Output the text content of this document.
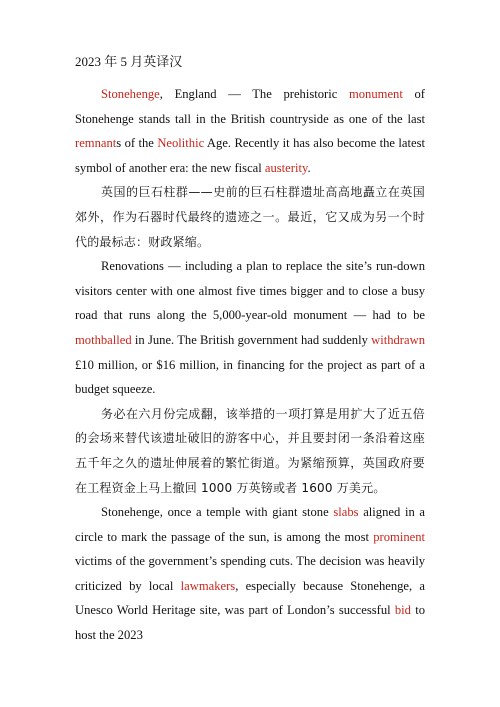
2023 年 5 月英译汉

Stonehenge, England — The prehistoric monument of Stonehenge stands tall in the British countryside as one of the last remnants of the Neolithic Age. Recently it has also become the latest symbol of another era: the new fiscal austerity.

英国的巨石柱群——史前的巨石柱群遗址高高地矗立在英国郊外，作为石器时代最终的遗迹之一。最近，它又成为另一个时代的最标志：财政紧缩。

Renovations — including a plan to replace the site’s run-down visitors center with one almost five times bigger and to close a busy road that runs along the 5,000-year-old monument — had to be mothballed in June. The British government had suddenly withdrawn £10 million, or $16 million, in financing for the project as part of a budget squeeze.

务必在六月份完成翻，该举措的一项打算是用扩大了近五倍的会场来替代该遗址破旧的游客中心，并且要封闭一条沿着这座五千年之久的遗址伸展着的繁忙街道。为紧缩预算，英国政府要在工程资金上马上撤回 1000 万英镑或者 1600 万美元。

Stonehenge, once a temple with giant stone slabs aligned in a circle to mark the passage of the sun, is among the most prominent victims of the government’s spending cuts. The decision was heavily criticized by local lawmakers, especially because Stonehenge, a Unesco World Heritage site, was part of London’s successful bid to host the 2023
